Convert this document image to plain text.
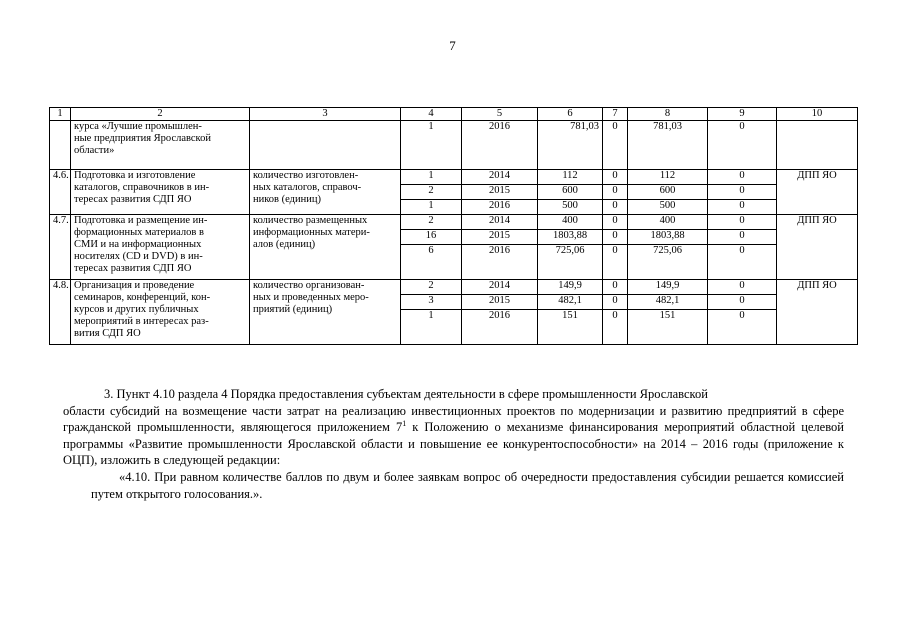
7
1	2	3	4	5	6	7	8	9	10
	курса «Лучшие промышлен-
ные предприятия Ярославской
области»		1	2016	781,03	0	781,03	0	
4.6.	Подготовка и изготовление
каталогов, справочников в ин-
тересах развития СДП ЯО	количество изготовлен-
ных каталогов, справоч-
ников (единиц)	1	2014	112	0	112	0	ДПП ЯО
			2	2015	600	0	600	0	
			1	2016	500	0	500	0	
4.7.	Подготовка и размещение ин-
формационных материалов в
СМИ и на информационных
носителях (CD и DVD) в ин-
тересах развития СДП ЯО	количество размещенных
информационных матери-
алов (единиц)	2	2014	400	0	400	0	ДПП ЯО
			16	2015	1803,88	0	1803,88	0	
			6	2016	725,06	0	725,06	0	
4.8.	Организация и проведение
семинаров, конференций, кон-
курсов и других публичных
мероприятий в интересах раз-
вития СДП ЯО	количество организован-
ных и проведенных меро-
приятий (единиц)	2	2014	149,9	0	149,9	0	ДПП ЯО
			3	2015	482,1	0	482,1	0	
			1	2016	151	0	151	0	

3. Пункт 4.10 раздела 4 Порядка предоставления субъектам деятельности в сфере промышленности Ярославской

области субсидий на возмещение части затрат на реализацию инвестиционных проектов по модернизации и развитию предприятий в сфере гражданской промышленности, являющегося приложением $7^1$ к Положению о механизме финансирования мероприятий областной целевой программы «Развитие промышленности Ярославской области и повышение ее конкурентоспособности» на 2014 – 2016 годы (приложение к ОЦП), изложить в следующей редакции:

«4.10. При равном количестве баллов по двум и более заявкам вопрос об очередности предоставления субсидии решается комиссией путем открытого голосования.».
